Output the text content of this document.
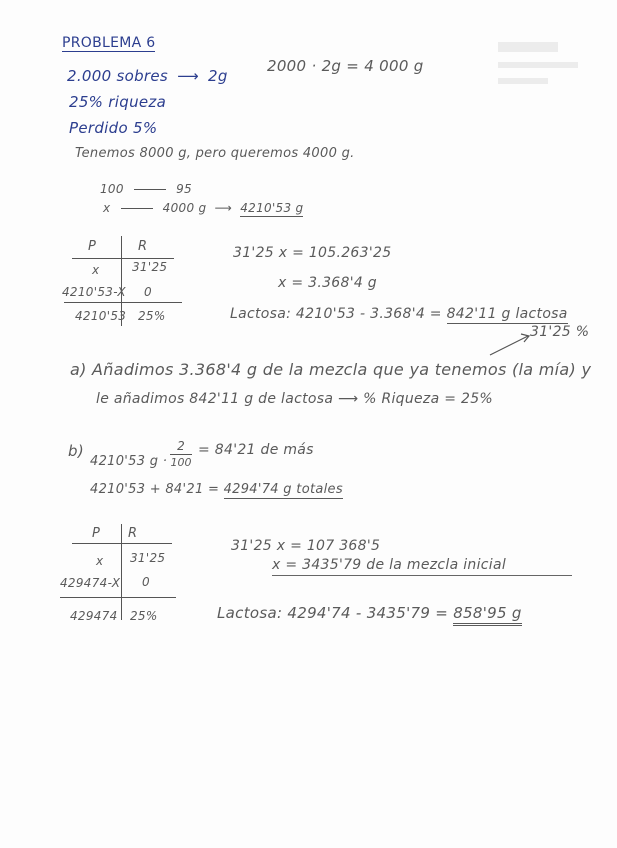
PROBLEMA 6
2.000 sobres ⟶ 2g
25% riqueza
Perdido 5%
2000 · 2g = 4 000 g
Tenemos 8000 g, pero queremos 4000 g.
100	95
x	4000 g ⟶ 4210'53 g
P	R
x	31'25
4210'53-X 0
4210'53 25%
31'25 x = 105.263'25
x = 3.368'4 g
Lactosa: 4210'53 - 3.368'4 = 842'11 g lactosa
31'25 %
a) Añadimos 3.368'4 g de la mezcla que ya tenemos (la mía) y
le añadimos 842'11 g de lactosa ⟶ % Riqueza = 25%
b)
4210'53 g ·
2
100
= 84'21 de más
4210'53 + 84'21 = 4294'74 g totales
P R
x 31'25
429474-X 0
429474 25%
31'25 x = 107 368'5
x = 3435'79 de la mezcla inicial
Lactosa: 4294'74 - 3435'79 = 858'95 g
